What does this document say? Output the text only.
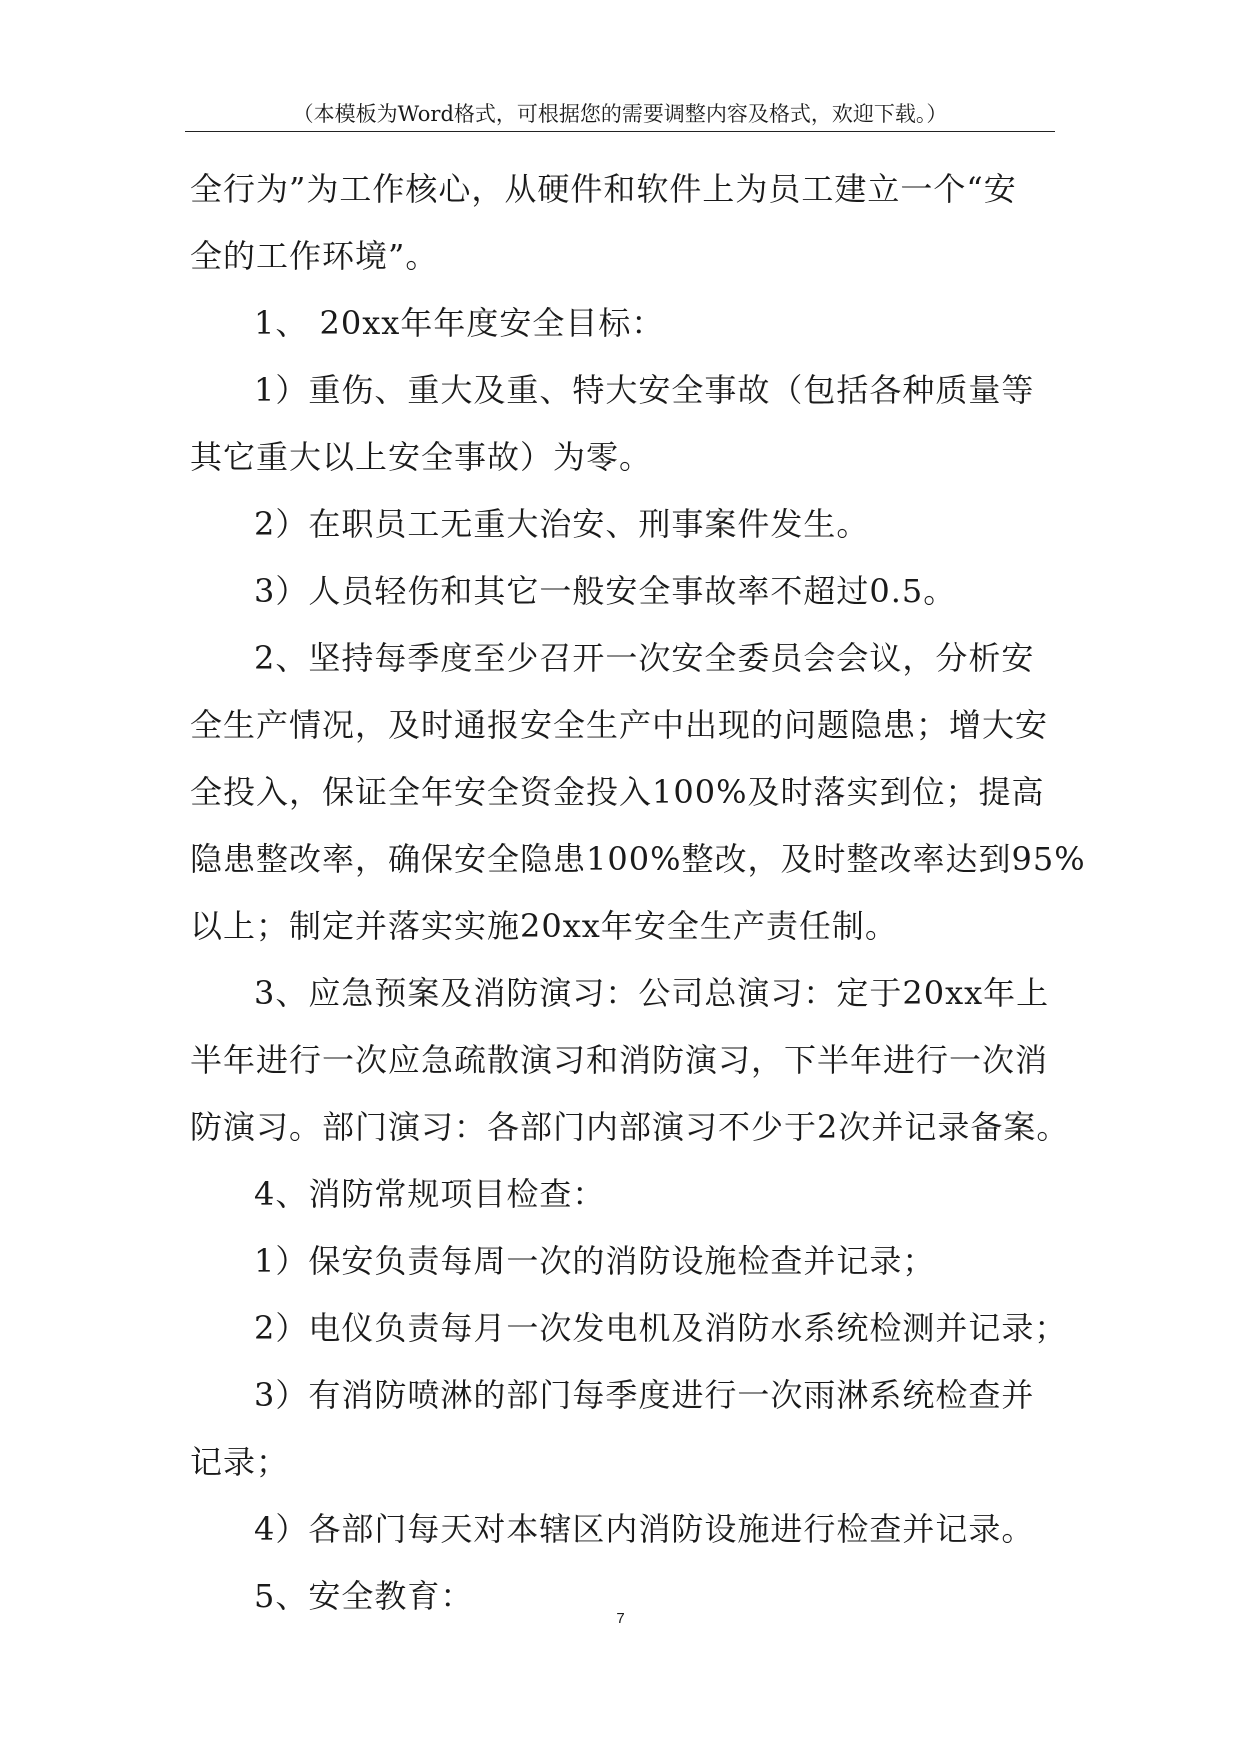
（本模板为Word格式，可根据您的需要调整内容及格式，欢迎下载。）
全行为”为工作核心，从硬件和软件上为员工建立一个“安
全的工作环境”。
1、 20xx年年度安全目标：
1）重伤、重大及重、特大安全事故（包括各种质量等
其它重大以上安全事故）为零。
2）在职员工无重大治安、刑事案件发生。
3）人员轻伤和其它一般安全事故率不超过0.5。
2、坚持每季度至少召开一次安全委员会会议，分析安
全生产情况，及时通报安全生产中出现的问题隐患；增大安
全投入，保证全年安全资金投入100%及时落实到位；提高
隐患整改率，确保安全隐患100%整改，及时整改率达到95%
以上；制定并落实实施20xx年安全生产责任制。
3、应急预案及消防演习：公司总演习：定于20xx年上
半年进行一次应急疏散演习和消防演习，下半年进行一次消
防演习。部门演习：各部门内部演习不少于2次并记录备案。
4、消防常规项目检查：
1）保安负责每周一次的消防设施检查并记录；
2）电仪负责每月一次发电机及消防水系统检测并记录；
3）有消防喷淋的部门每季度进行一次雨淋系统检查并
记录；
4）各部门每天对本辖区内消防设施进行检查并记录。
5、安全教育：
7
